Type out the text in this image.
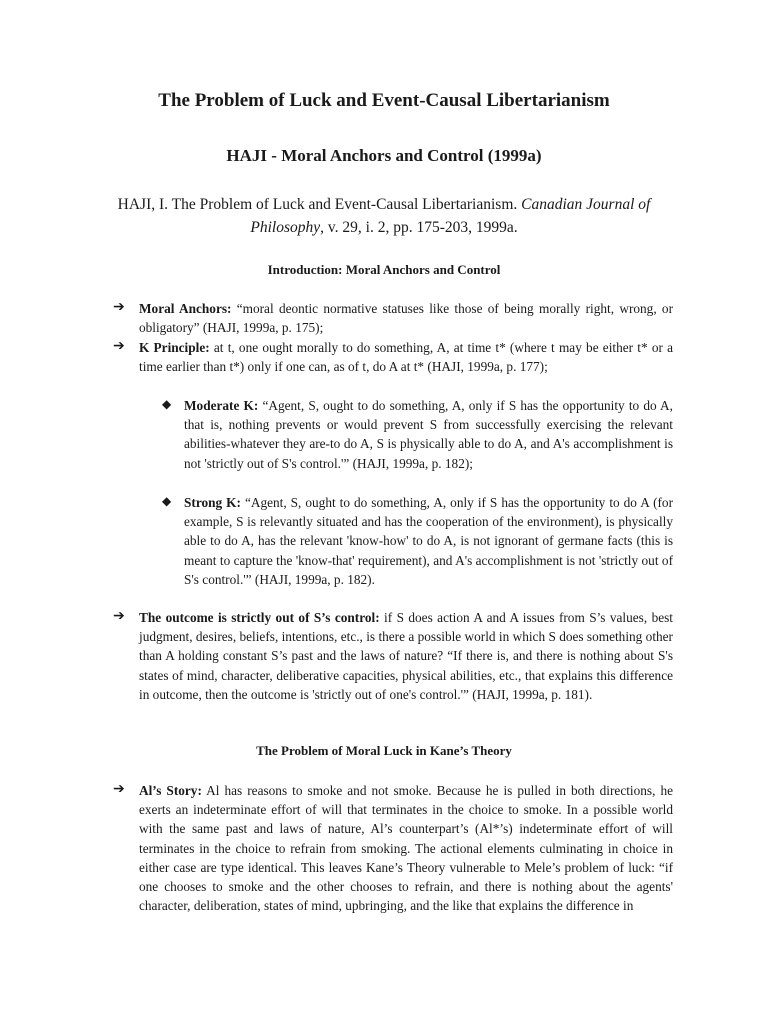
The Problem of Luck and Event-Causal Libertarianism
HAJI - Moral Anchors and Control (1999a)
HAJI, I. The Problem of Luck and Event-Causal Libertarianism. Canadian Journal of Philosophy, v. 29, i. 2, pp. 175-203, 1999a.
Introduction: Moral Anchors and Control
➔	Moral Anchors: “moral deontic normative statuses like those of being morally right, wrong, or obligatory” (HAJI, 1999a, p. 175);
➔	K Principle: at t, one ought morally to do something, A, at time t* (where t may be either t* or a time earlier than t*) only if one can, as of t, do A at t* (HAJI, 1999a, p. 177);
◆ Moderate K: “Agent, S, ought to do something, A, only if S has the opportunity to do A, that is, nothing prevents or would prevent S from successfully exercising the relevant abilities-whatever they are-to do A, S is physically able to do A, and A's accomplishment is not 'strictly out of S's control.'” (HAJI, 1999a, p. 182);
◆ Strong K: “Agent, S, ought to do something, A, only if S has the opportunity to do A (for example, S is relevantly situated and has the cooperation of the environment), is physically able to do A, has the relevant 'know-how' to do A, is not ignorant of germane facts (this is meant to capture the 'know-that' requirement), and A's accomplishment is not 'strictly out of S's control.'” (HAJI, 1999a, p. 182).
➔	The outcome is strictly out of S’s control: if S does action A and A issues from S’s values, best judgment, desires, beliefs, intentions, etc., is there a possible world in which S does something other than A holding constant S’s past and the laws of nature? “If there is, and there is nothing about S's states of mind, character, deliberative capacities, physical abilities, etc., that explains this difference in outcome, then the outcome is 'strictly out of one's control.'” (HAJI, 1999a, p. 181).
The Problem of Moral Luck in Kane’s Theory
➔	Al’s Story: Al has reasons to smoke and not smoke. Because he is pulled in both directions, he exerts an indeterminate effort of will that terminates in the choice to smoke. In a possible world with the same past and laws of nature, Al’s counterpart’s (Al*’s) indeterminate effort of will terminates in the choice to refrain from smoking. The actional elements culminating in choice in either case are type identical. This leaves Kane’s Theory vulnerable to Mele’s problem of luck: “if one chooses to smoke and the other chooses to refrain, and there is nothing about the agents' character, deliberation, states of mind, upbringing, and the like that explains the difference in
